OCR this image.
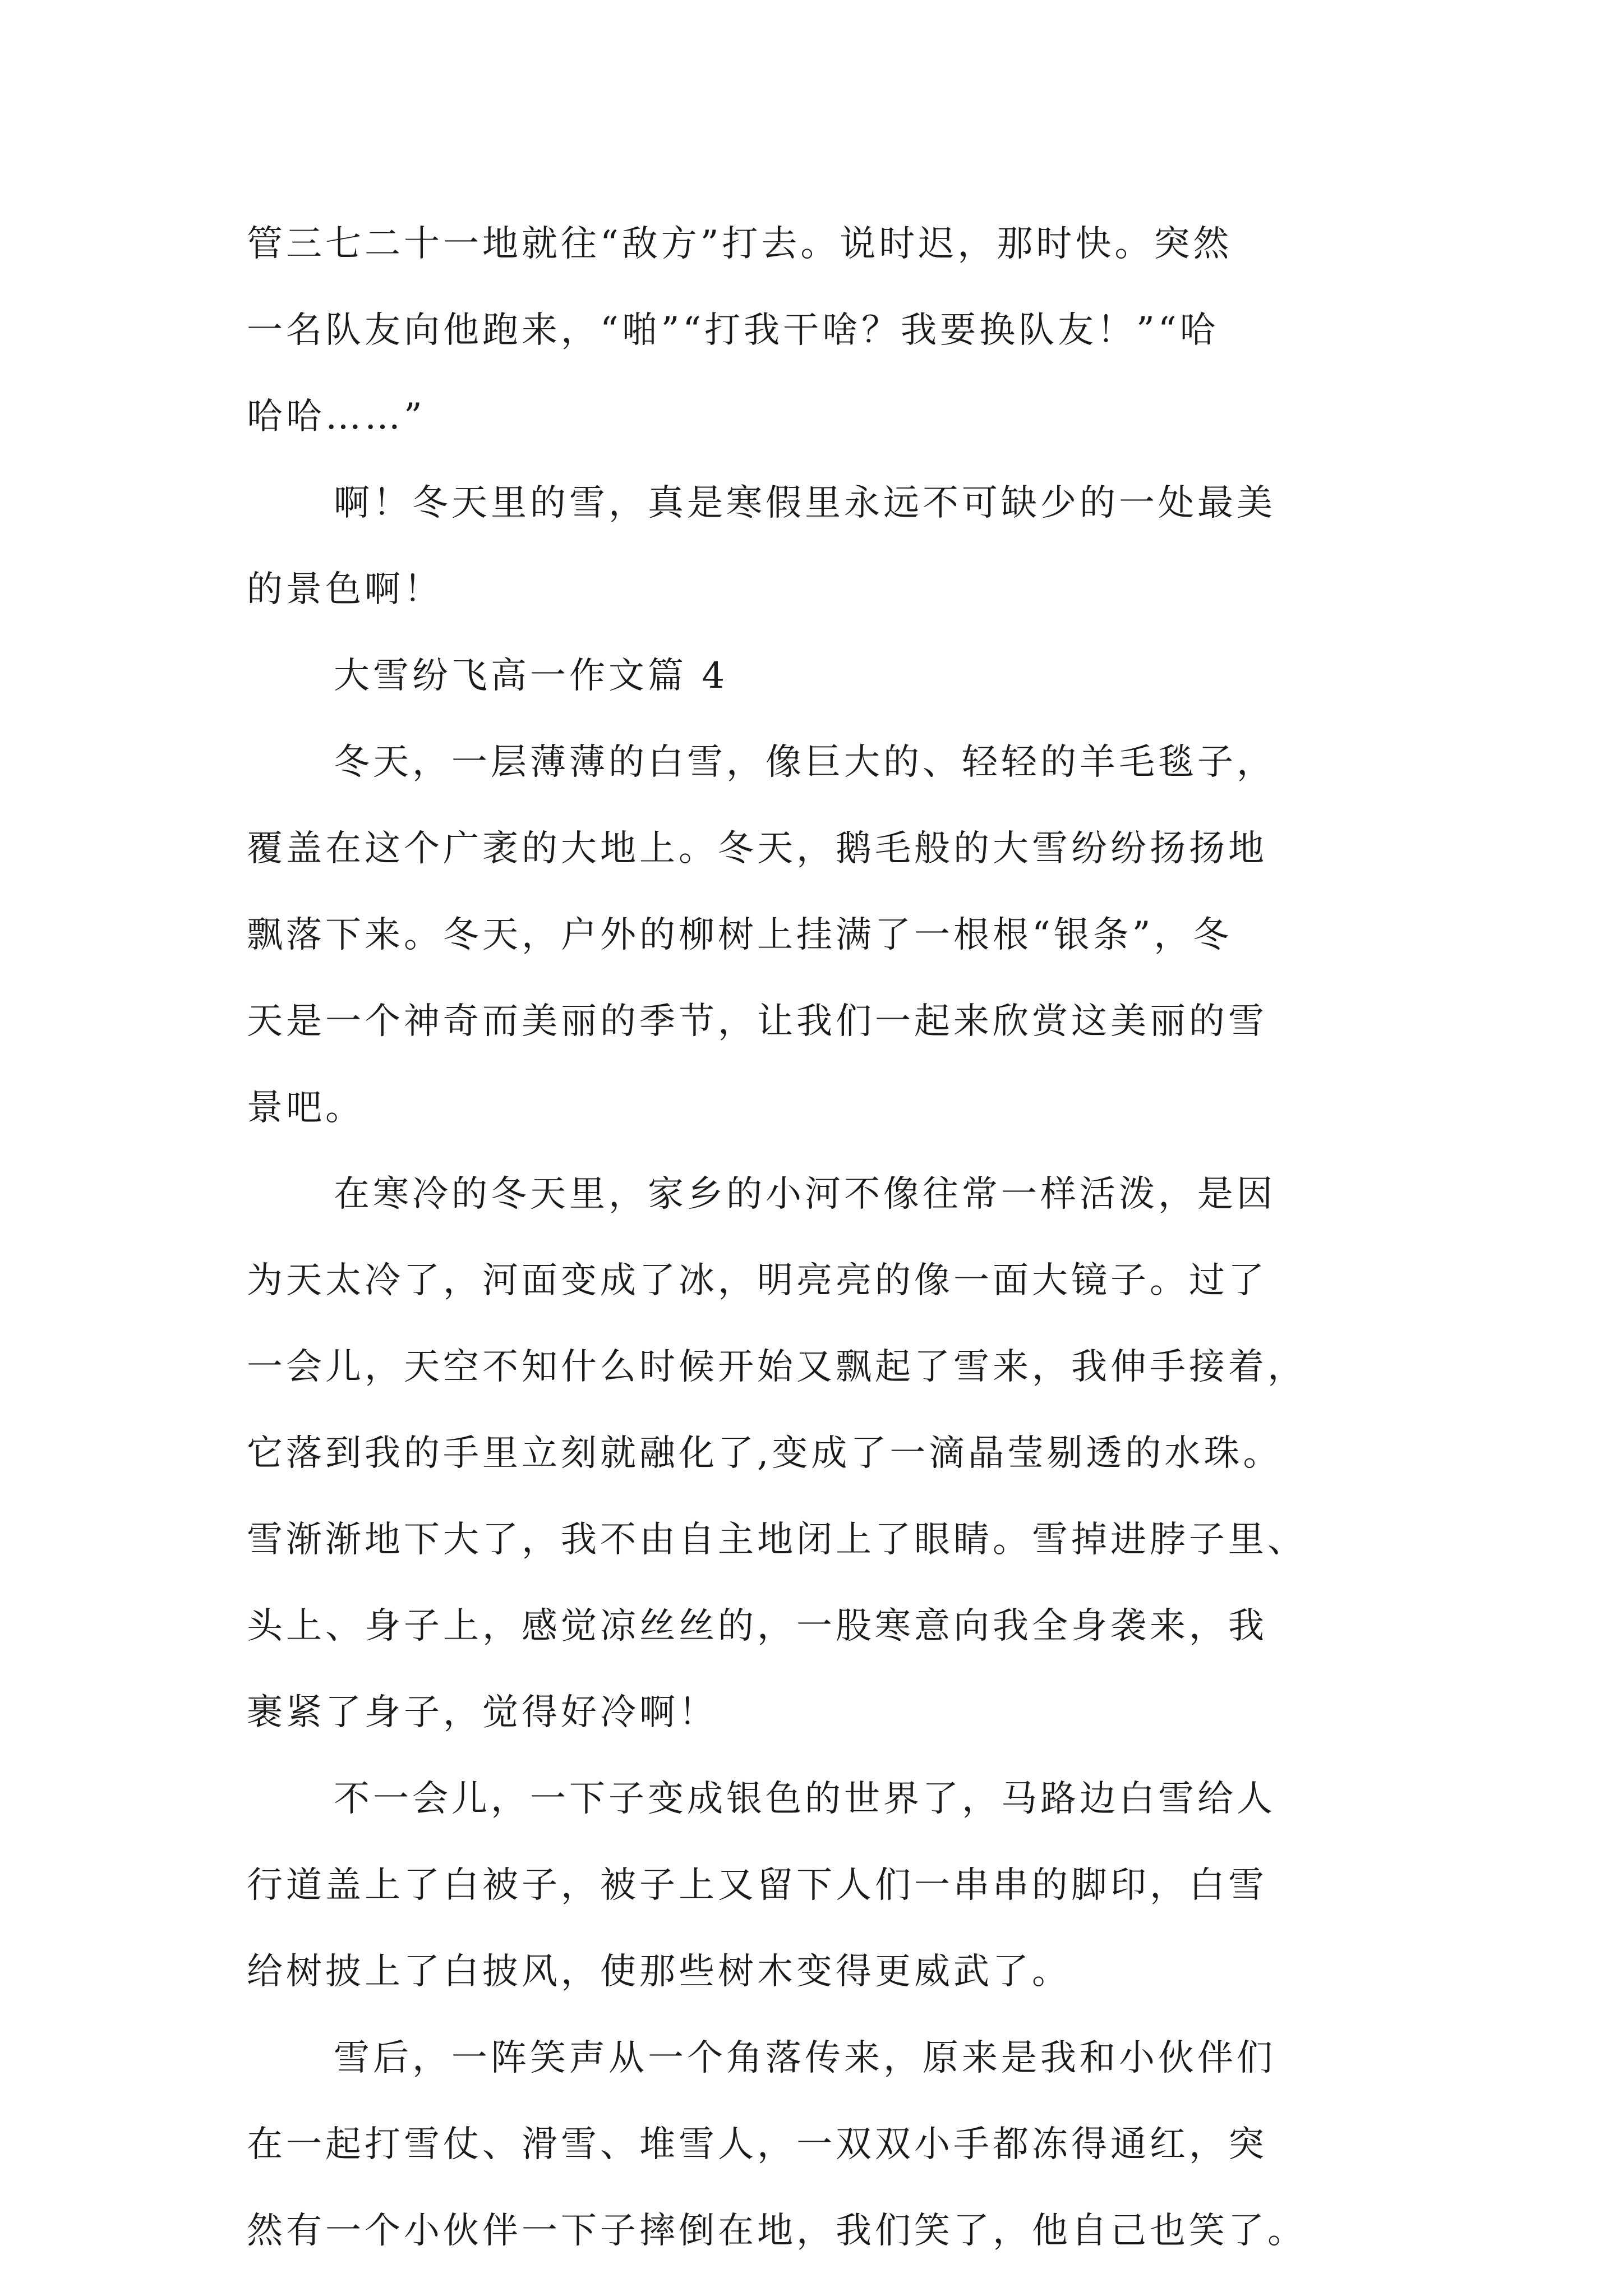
管三七二十一地就往“敌方”打去。说时迟，那时快。突然
一名队友向他跑来，“啪”“打我干啥？我要换队友！”“哈
哈哈……”
啊！冬天里的雪，真是寒假里永远不可缺少的一处最美
的景色啊！
大雪纷飞高一作文篇 4
冬天，一层薄薄的白雪，像巨大的、轻轻的羊毛毯子，
覆盖在这个广袤的大地上。冬天，鹅毛般的大雪纷纷扬扬地
飘落下来。冬天，户外的柳树上挂满了一根根“银条”，冬
天是一个神奇而美丽的季节，让我们一起来欣赏这美丽的雪
景吧。
在寒冷的冬天里，家乡的小河不像往常一样活泼，是因
为天太冷了，河面变成了冰，明亮亮的像一面大镜子。过了
一会儿，天空不知什么时候开始又飘起了雪来，我伸手接着，
它落到我的手里立刻就融化了,变成了一滴晶莹剔透的水珠。
雪渐渐地下大了，我不由自主地闭上了眼睛。雪掉进脖子里、
头上、身子上，感觉凉丝丝的，一股寒意向我全身袭来，我
裹紧了身子，觉得好冷啊！
不一会儿，一下子变成银色的世界了，马路边白雪给人
行道盖上了白被子，被子上又留下人们一串串的脚印，白雪
给树披上了白披风，使那些树木变得更威武了。
雪后，一阵笑声从一个角落传来，原来是我和小伙伴们
在一起打雪仗、滑雪、堆雪人，一双双小手都冻得通红，突
然有一个小伙伴一下子摔倒在地，我们笑了，他自己也笑了。
